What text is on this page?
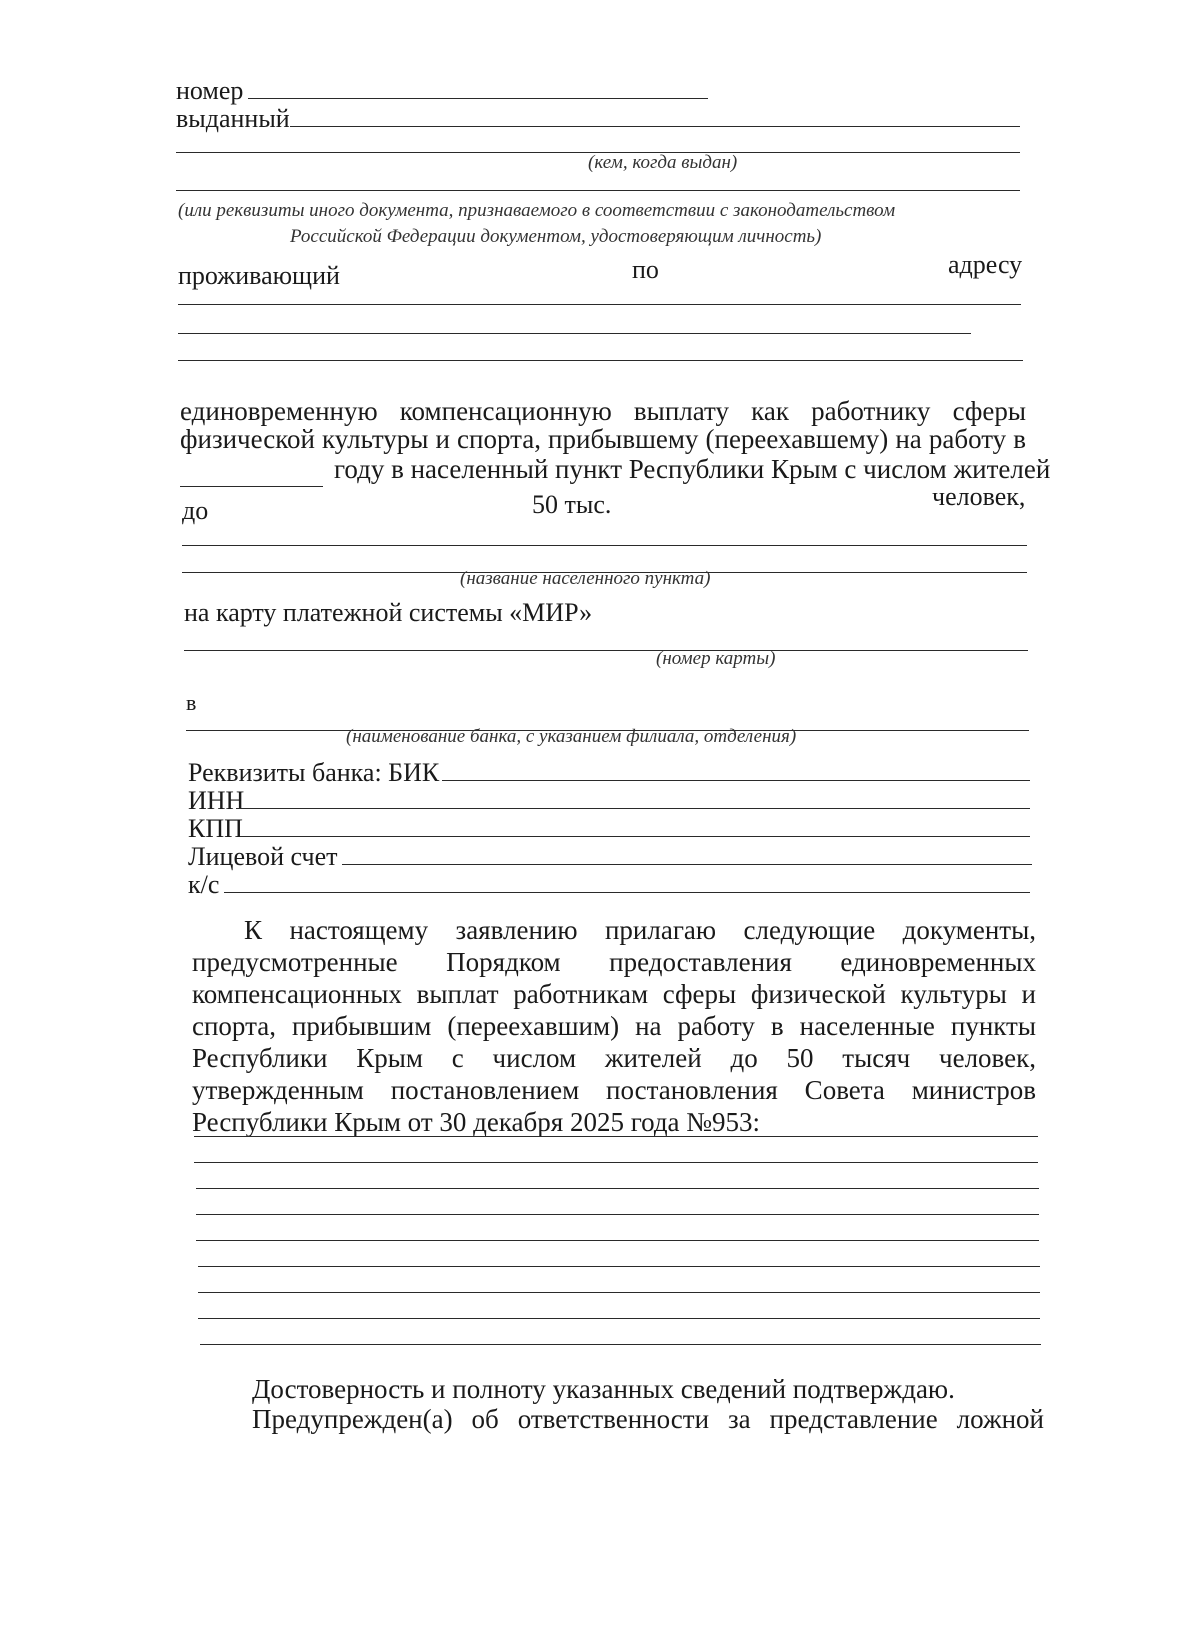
номер
выданный
(кем, когда выдан)
(или реквизиты иного документа, признаваемого в соответствии с законодательством
Российской Федерации документом, удостоверяющим личность)
проживающий	по	адресу
единовременную компенсационную выплату как работнику сферы
физической культуры и спорта, прибывшему (переехавшему) на работу в
году в населенный пункт Республики Крым с числом жителей
до	50 тыс.	человек,
(название населенного пункта)
на карту платежной системы «МИР»
(номер карты)
в
(наименование банка, с указанием филиала, отделения)
Реквизиты банка: БИК
ИНН
КПП
Лицевой счет
к/с
К настоящему заявлению прилагаю следующие документы, предусмотренные Порядком предоставления единовременных компенсационных выплат работникам сферы физической культуры и спорта, прибывшим (переехавшим) на работу в населенные пункты Республики Крым с числом жителей до 50 тысяч человек, утвержденным постановлением постановления Совета министров Республики Крым от 30 декабря 2025 года №953:
Достоверность и полноту указанных сведений подтверждаю.
Предупрежден(а) об ответственности за представление ложной
